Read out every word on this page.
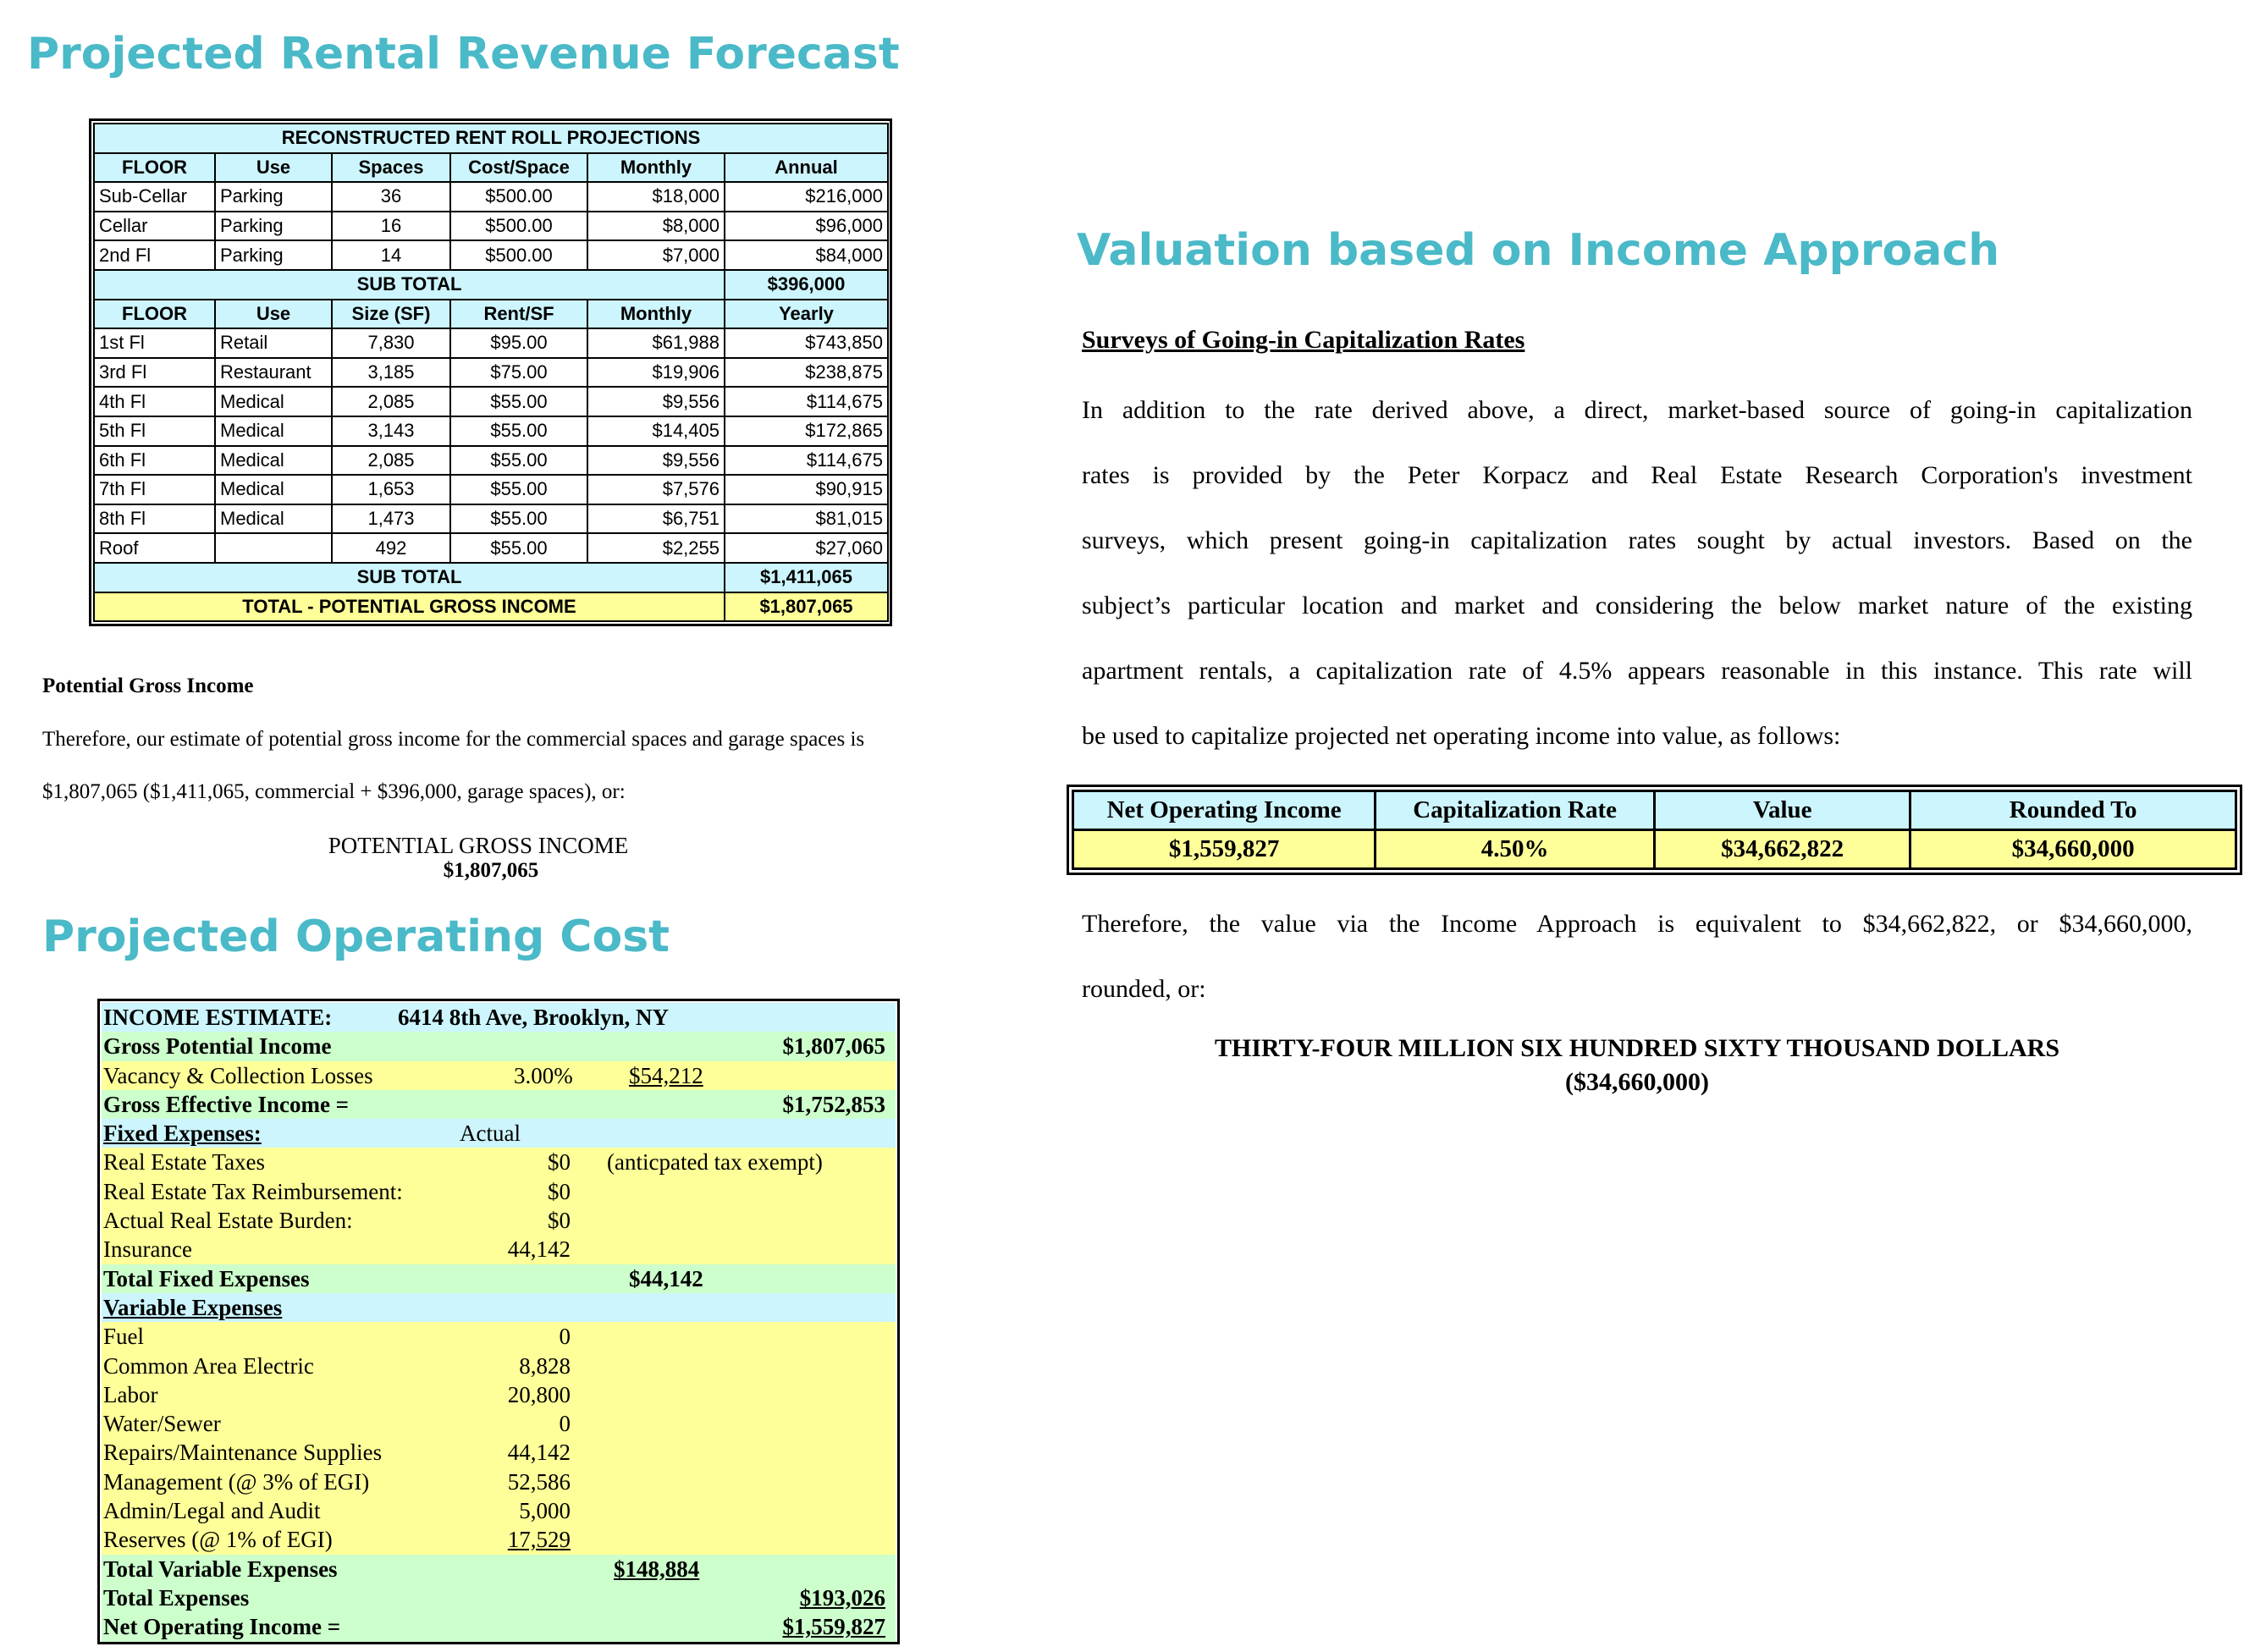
Projected Rental Revenue Forecast
Projected Operating Cost
Valuation based on Income Approach
RECONSTRUCTED RENT ROLL PROJECTIONS					
FLOOR	Use	Spaces	Cost/Space	Monthly	Annual
Sub-Cellar	Parking	36	$500.00	$18,000	$216,000
Cellar	Parking	16	$500.00	$8,000	$96,000
2nd Fl	Parking	14	$500.00	$7,000	$84,000
SUB TOTAL					$396,000
FLOOR	Use	Size (SF)	Rent/SF	Monthly	Yearly
1st Fl	Retail	7,830	$95.00	$61,988	$743,850
3rd Fl	Restaurant	3,185	$75.00	$19,906	$238,875
4th Fl	Medical	2,085	$55.00	$9,556	$114,675
5th Fl	Medical	3,143	$55.00	$14,405	$172,865
6th Fl	Medical	2,085	$55.00	$9,556	$114,675
7th Fl	Medical	1,653	$55.00	$7,576	$90,915
8th Fl	Medical	1,473	$55.00	$6,751	$81,015
Roof		492	$55.00	$2,255	$27,060
SUB TOTAL					$1,411,065
TOTAL - POTENTIAL GROSS INCOME					$1,807,065

Potential Gross Income

Therefore, our estimate of potential gross income for the commercial spaces and garage spaces is

$1,807,065 ($1,411,065, commercial + $396,000, garage spaces), or:

POTENTIAL GROSS INCOME

$1,807,065

INCOME ESTIMATE:	6414 8th Ave, Brooklyn, NY
Gross Potential Income	$1,807,065
Vacancy & Collection Losses	3.00% $54,212
Gross Effective Income =	$1,752,853
Fixed Expenses:	Actual
Real Estate Taxes	$0 (anticpated tax exempt)
Real Estate Tax Reimbursement:	$0
Actual Real Estate Burden:	$0
Insurance	44,142
Total Fixed Expenses	$44,142
Variable Expenses
Fuel	0
Common Area Electric	8,828
Labor	20,800
Water/Sewer	0
Repairs/Maintenance Supplies	44,142
Management (@ 3% of EGI)	52,586
Admin/Legal and Audit	5,000
Reserves (@ 1% of EGI)	17,529
Total Variable Expenses	$148,884
Total Expenses	$193,026
Net Operating Income =	$1,559,827

Surveys of Going-in Capitalization Rates

In addition to the rate derived above, a direct, market-based source of going-in capitalization
rates is provided by the Peter Korpacz and Real Estate Research Corporation's investment
surveys, which present going-in capitalization rates sought by actual investors. Based on the
subject’s particular location and market and considering the below market nature of the existing
apartment rentals, a capitalization rate of 4.5% appears reasonable in this instance. This rate will
be used to capitalize projected net operating income into value, as follows:
Net Operating Income	Capitalization Rate	Value	Rounded To
$1,559,827	4.50%	$34,662,822	$34,660,000
Therefore, the value via the Income Approach is equivalent to $34,662,822, or $34,660,000,
rounded, or:

THIRTY-FOUR MILLION SIX HUNDRED SIXTY THOUSAND DOLLARS

($34,660,000)
